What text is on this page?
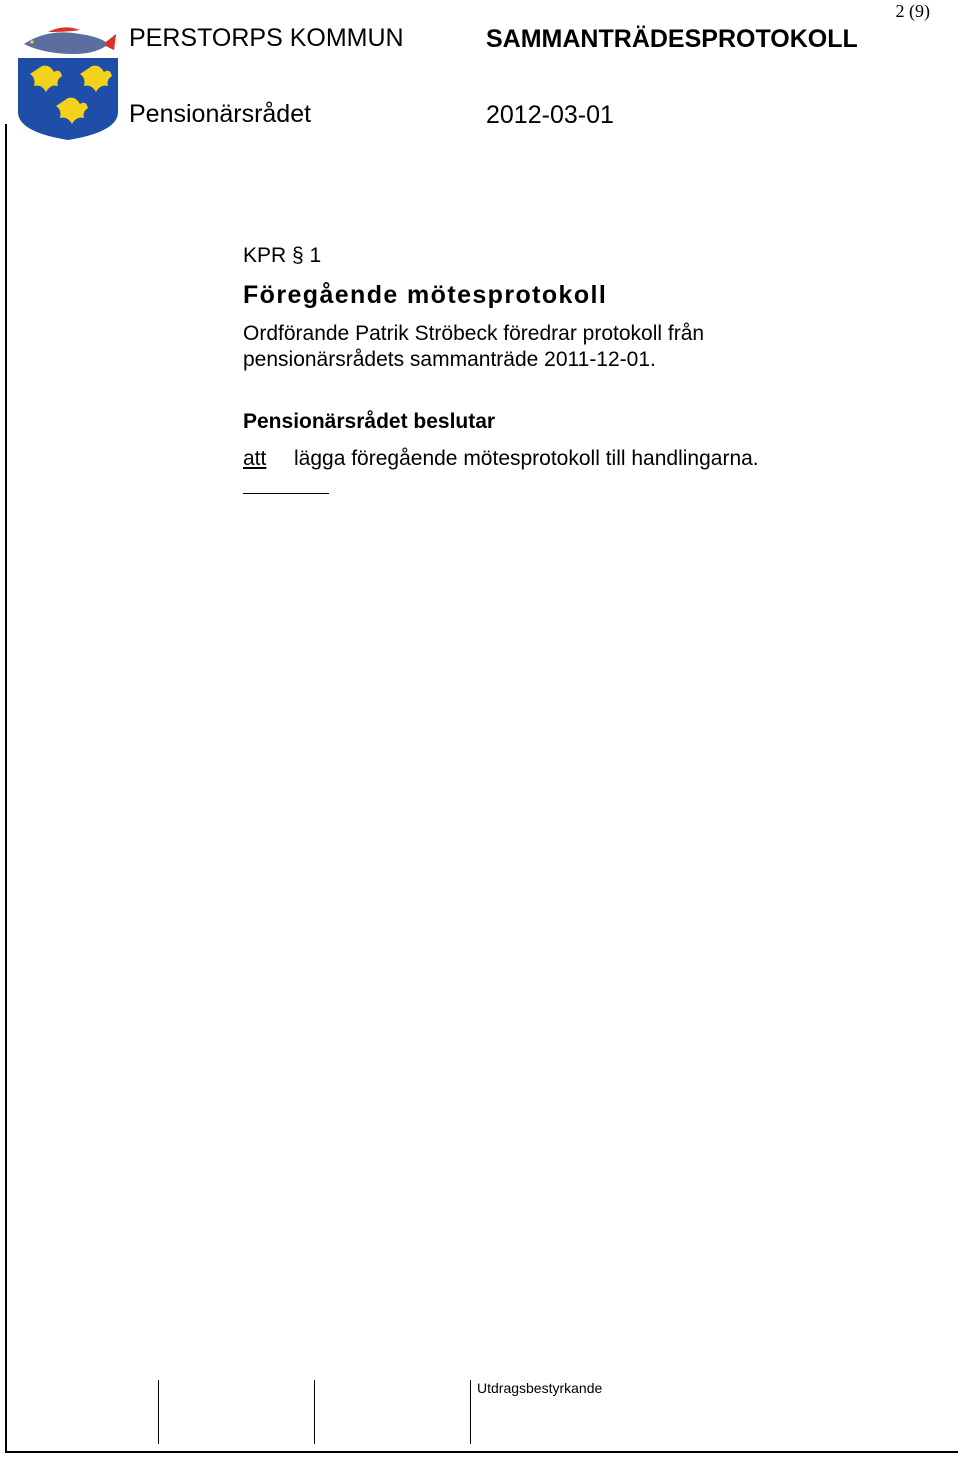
PERSTORPS KOMMUN	SAMMANTRÄDESPROTOKOLL
2 (9)
Pensionärsrådet	2012-03-01
KPR § 1
Föregående mötesprotokoll
Ordförande Patrik Ströbeck föredrar protokoll från
pensionärsrådets sammanträde 2011-12-01.
Pensionärsrådet beslutar
att lägga föregående mötesprotokoll till handlingarna.
Utdragsbestyrkande
